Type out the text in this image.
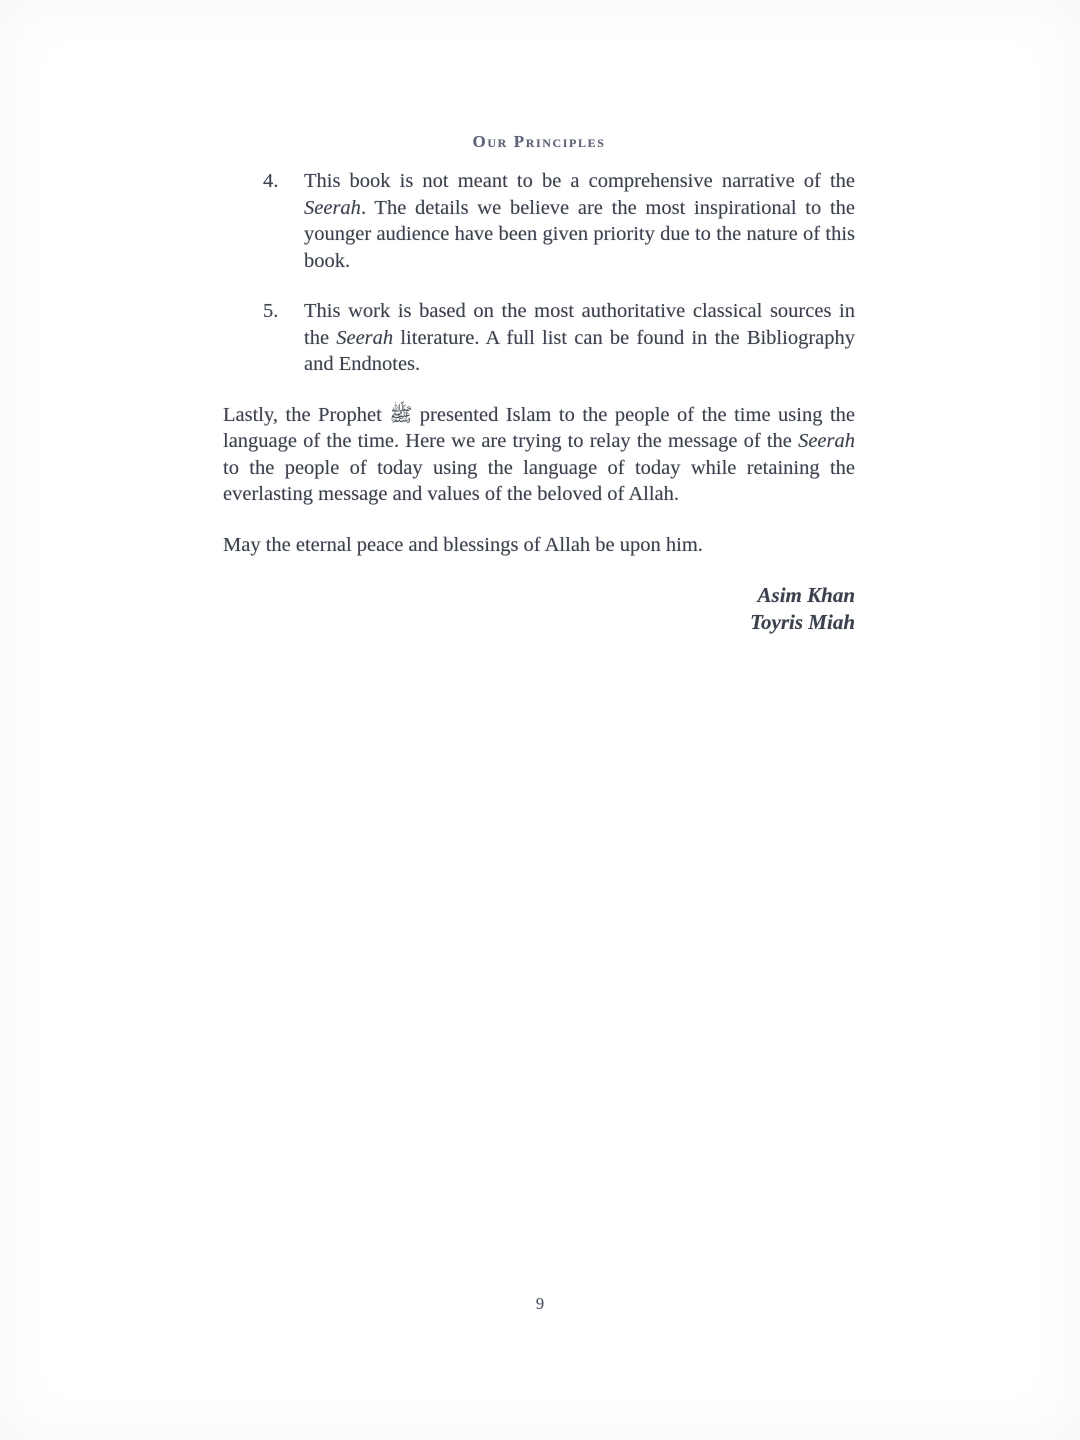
Our Principles
4.	This book is not meant to be a comprehensive narrative of the Seerah. The details we believe are the most inspirational to the younger audience have been given priority due to the nature of this book.

5.	This work is based on the most authoritative classical sources in the Seerah literature. A full list can be found in the Bibliography and Endnotes.

Lastly, the Prophet ﷺ presented Islam to the people of the time using the language of the time. Here we are trying to relay the message of the Seerah to the people of today using the language of today while retaining the everlasting message and values of the beloved of Allah.

May the eternal peace and blessings of Allah be upon him.

Asim Khan
Toyris Miah
9
